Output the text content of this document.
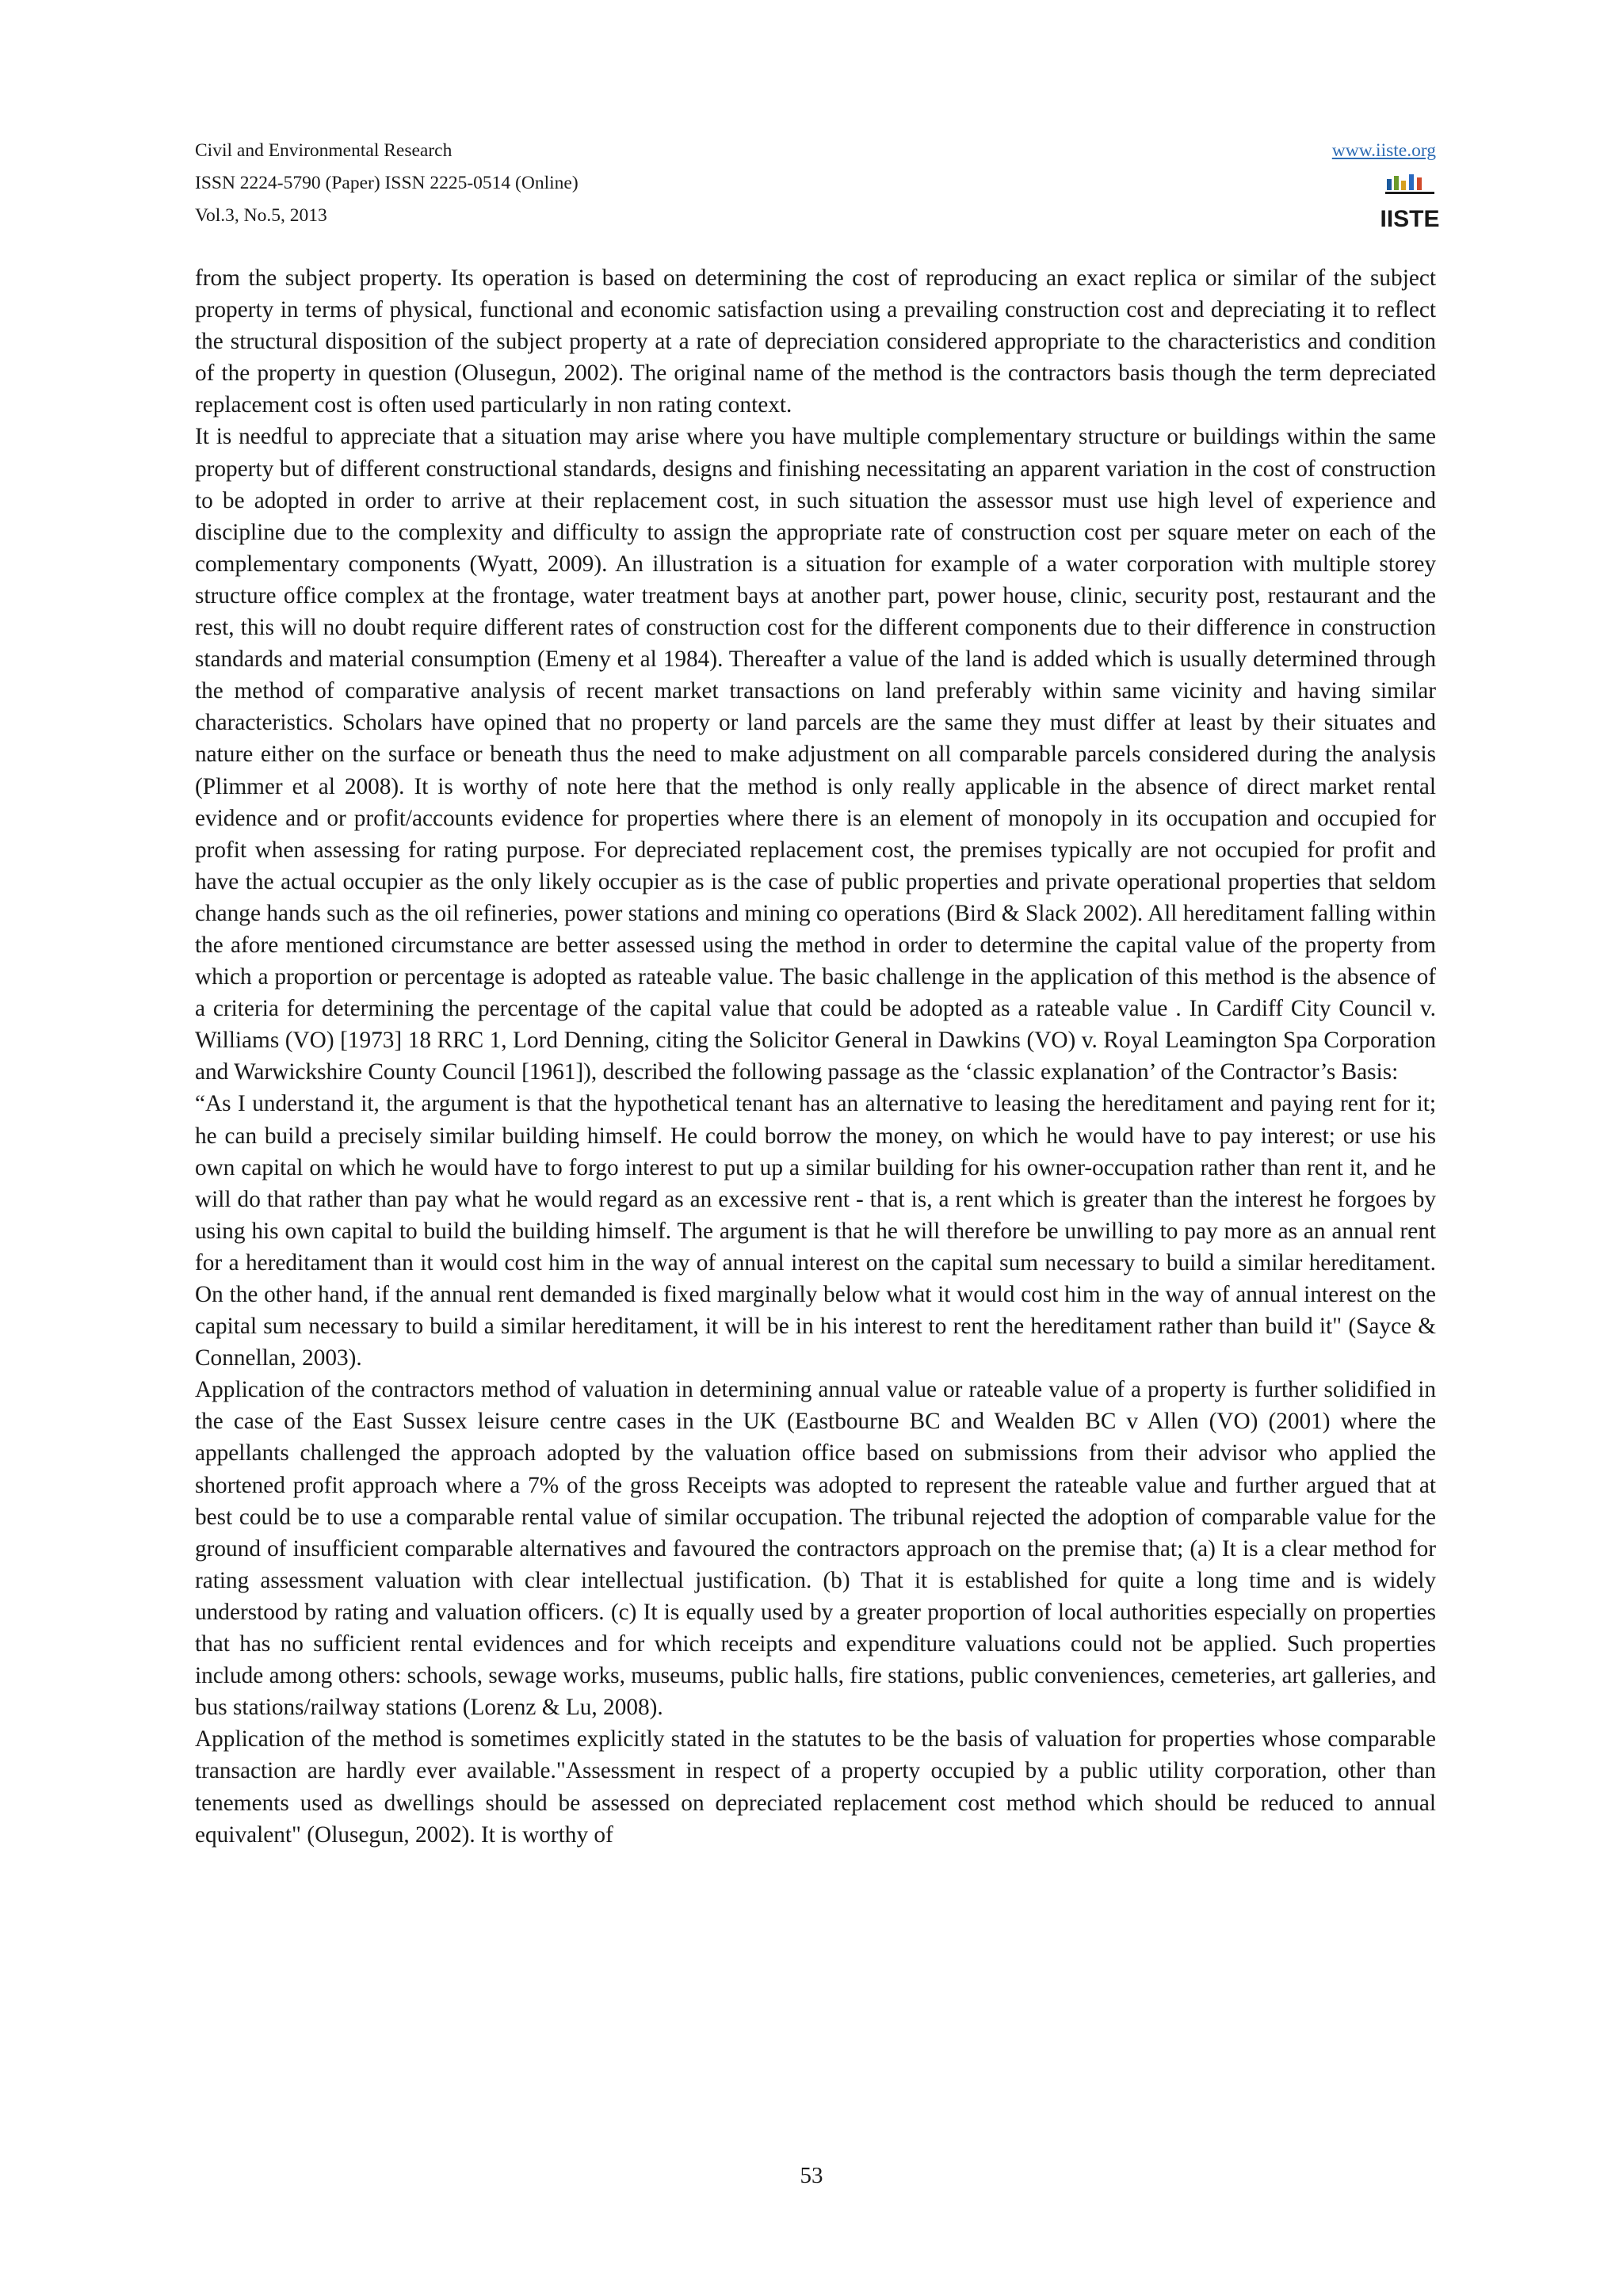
Civil and Environmental Research

ISSN 2224-5790 (Paper) ISSN 2225-0514 (Online)

Vol.3, No.5, 2013

www.iiste.org
IISTE

from the subject property. Its operation is based on determining the cost of reproducing an exact replica or similar of the subject property in terms of physical, functional and economic satisfaction using a prevailing construction cost and depreciating it to reflect the structural disposition of the subject property at a rate of depreciation considered appropriate to the characteristics and condition of the property in question (Olusegun, 2002). The original name of the method is the contractors basis though the term depreciated replacement cost is often used particularly in non rating context.

It is needful to appreciate that a situation may arise where you have multiple complementary structure or buildings within the same property but of different constructional standards, designs and finishing necessitating an apparent variation in the cost of construction to be adopted in order to arrive at their replacement cost, in such situation the assessor must use high level of experience and discipline due to the complexity and difficulty to assign the appropriate rate of construction cost per square meter on each of the complementary components (Wyatt, 2009). An illustration is a situation for example of a water corporation with multiple storey structure office complex at the frontage, water treatment bays at another part, power house, clinic, security post, restaurant and the rest, this will no doubt require different rates of construction cost for the different components due to their difference in construction standards and material consumption (Emeny et al 1984). Thereafter a value of the land is added which is usually determined through the method of comparative analysis of recent market transactions on land preferably within same vicinity and having similar characteristics. Scholars have opined that no property or land parcels are the same they must differ at least by their situates and nature either on the surface or beneath thus the need to make adjustment on all comparable parcels considered during the analysis (Plimmer et al 2008). It is worthy of note here that the method is only really applicable in the absence of direct market rental evidence and or profit/accounts evidence for properties where there is an element of monopoly in its occupation and occupied for profit when assessing for rating purpose. For depreciated replacement cost, the premises typically are not occupied for profit and have the actual occupier as the only likely occupier as is the case of public properties and private operational properties that seldom change hands such as the oil refineries, power stations and mining co operations (Bird & Slack 2002). All hereditament falling within the afore mentioned circumstance are better assessed using the method in order to determine the capital value of the property from which a proportion or percentage is adopted as rateable value. The basic challenge in the application of this method is the absence of a criteria for determining the percentage of the capital value that could be adopted as a rateable value . In Cardiff City Council v. Williams (VO) [1973] 18 RRC 1, Lord Denning, citing the Solicitor General in Dawkins (VO) v. Royal Leamington Spa Corporation and Warwickshire County Council [1961]), described the following passage as the ‘classic explanation’ of the Contractor’s Basis:

“As I understand it, the argument is that the hypothetical tenant has an alternative to leasing the hereditament and paying rent for it; he can build a precisely similar building himself. He could borrow the money, on which he would have to pay interest; or use his own capital on which he would have to forgo interest to put up a similar building for his owner-occupation rather than rent it, and he will do that rather than pay what he would regard as an excessive rent - that is, a rent which is greater than the interest he forgoes by using his own capital to build the building himself. The argument is that he will therefore be unwilling to pay more as an annual rent for a hereditament than it would cost him in the way of annual interest on the capital sum necessary to build a similar hereditament. On the other hand, if the annual rent demanded is fixed marginally below what it would cost him in the way of annual interest on the capital sum necessary to build a similar hereditament, it will be in his interest to rent the hereditament rather than build it" (Sayce & Connellan, 2003).

Application of the contractors method of valuation in determining annual value or rateable value of a property is further solidified in the case of the East Sussex leisure centre cases in the UK (Eastbourne BC and Wealden BC v Allen (VO) (2001) where the appellants challenged the approach adopted by the valuation office based on submissions from their advisor who applied the shortened profit approach where a 7% of the gross Receipts was adopted to represent the rateable value and further argued that at best could be to use a comparable rental value of similar occupation. The tribunal rejected the adoption of comparable value for the ground of insufficient comparable alternatives and favoured the contractors approach on the premise that; (a) It is a clear method for rating assessment valuation with clear intellectual justification. (b) That it is established for quite a long time and is widely understood by rating and valuation officers. (c) It is equally used by a greater proportion of local authorities especially on properties that has no sufficient rental evidences and for which receipts and expenditure valuations could not be applied. Such properties include among others: schools, sewage works, museums, public halls, fire stations, public conveniences, cemeteries, art galleries, and bus stations/railway stations (Lorenz & Lu, 2008).

Application of the method is sometimes explicitly stated in the statutes to be the basis of valuation for properties whose comparable transaction are hardly ever available."Assessment in respect of a property occupied by a public utility corporation, other than tenements used as dwellings should be assessed on depreciated replacement cost method which should be reduced to annual equivalent" (Olusegun, 2002). It is worthy of

53
